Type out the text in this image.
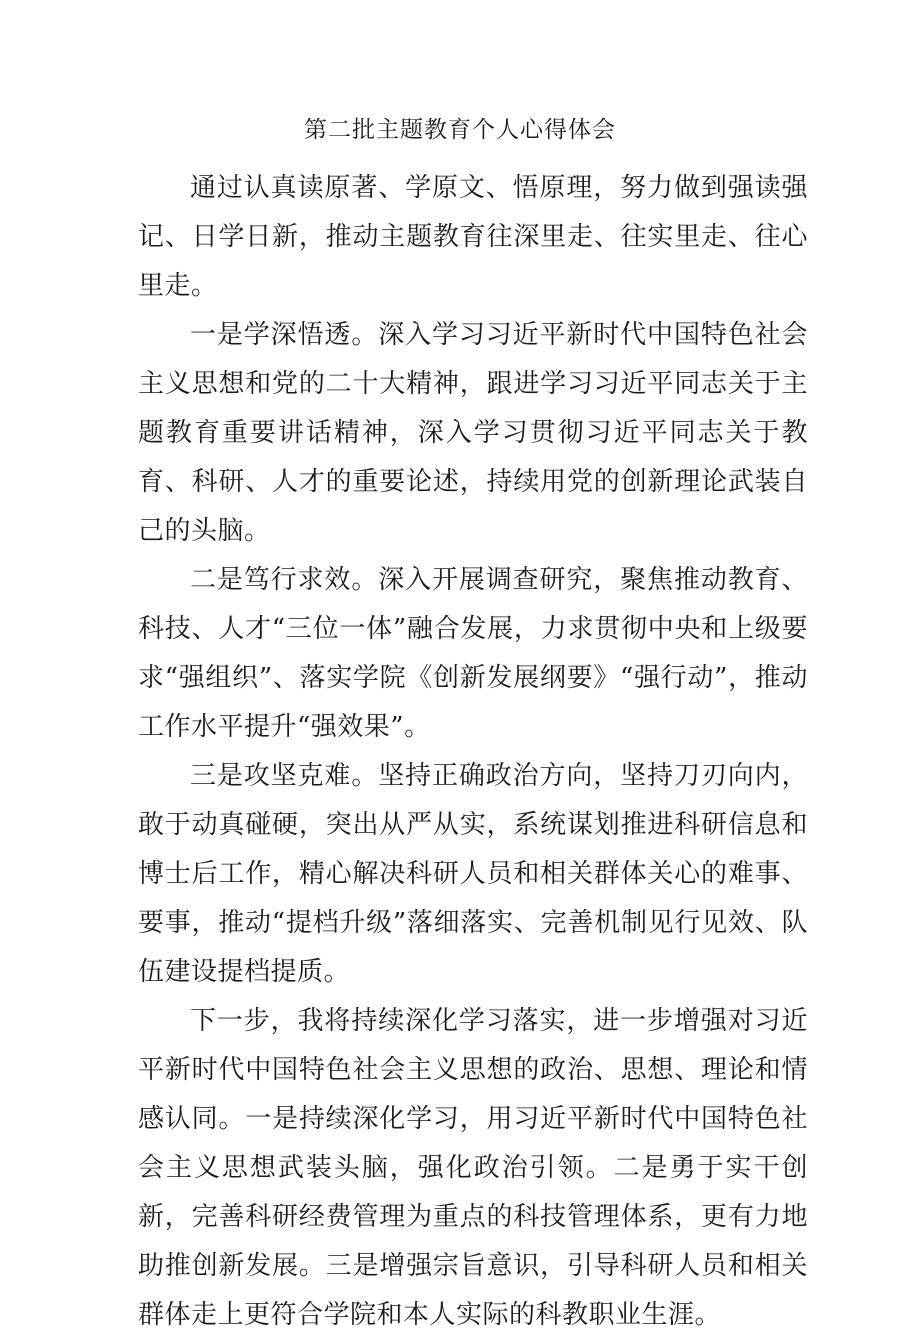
第二批主题教育个人心得体会

通过认真读原著、学原文、悟原理，努力做到强读强记、日学日新，推动主题教育往深里走、往实里走、往心里走。

一是学深悟透。深入学习习近平新时代中国特色社会主义思想和党的二十大精神，跟进学习习近平同志关于主题教育重要讲话精神，深入学习贯彻习近平同志关于教育、科研、人才的重要论述，持续用党的创新理论武装自己的头脑。

二是笃行求效。深入开展调查研究，聚焦推动教育、科技、人才“三位一体”融合发展，力求贯彻中央和上级要求“强组织”、落实学院《创新发展纲要》“强行动”，推动工作水平提升“强效果”。

三是攻坚克难。坚持正确政治方向，坚持刀刃向内，敢于动真碰硬，突出从严从实，系统谋划推进科研信息和博士后工作，精心解决科研人员和相关群体关心的难事、要事，推动“提档升级”落细落实、完善机制见行见效、队伍建设提档提质。

下一步，我将持续深化学习落实，进一步增强对习近平新时代中国特色社会主义思想的政治、思想、理论和情感认同。一是持续深化学习，用习近平新时代中国特色社会主义思想武装头脑，强化政治引领。二是勇于实干创新，完善科研经费管理为重点的科技管理体系，更有力地助推创新发展。三是增强宗旨意识，引导科研人员和相关群体走上更符合学院和本人实际的科教职业生涯。
